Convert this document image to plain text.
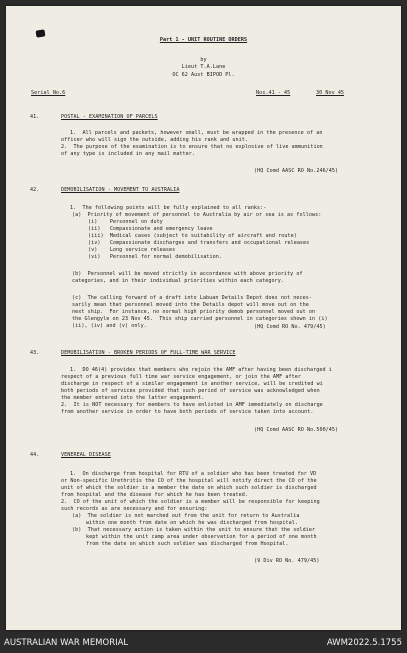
Part 1 - UNIT ROUTINE ORDERS
by
Lieut T.A.Lane
OC 62 Aust BIPOD Pl.
Serial No.6	Nos.41 - 45	30 Nov 45
41.	POSTAL - EXAMINATION OF PARCELS
1.  All parcels and packets, however small, must be wrapped in the presence of an
officer who will sign the outside, adding his rank and unit.
2.  The purpose of the examination is to ensure that no explosive of live ammunition
of any type is included in any mail matter.
(HQ Comd AASC RO No.246/45)
42.	DEMOBILISATION - MOVEMENT TO AUSTRALIA
1.  The following points will be fully explained to all ranks:-
(a)  Priority of movement of personnel to Australia by air or sea is as follows:
(i)    Personnel on duty
(ii)   Compassionate and emergency leave
(iii)  Medical cases (subject to suitability of aircraft and route)
(iv)   Compassionate discharges and transfers and occupational releases
(v)    Long service releases
(vi)   Personnel for normal demobilisation.
(b)  Personnel will be moved strictly in accordance with above priority of
categories, and in their individual priorities within each category.
(c)  The calling forward of a draft into Labuan Details Depot does not neces-
sarily mean that personnel moved into the Details depot will move out on the
next ship.  For instance, no normal high priority demob personnel moved out on
the Glengyle on 23 Nov 45.  This ship carried personnel in categories shown in (i)
(ii), (iv) and (v) only.	(HQ Comd RO No. 479/45)
43.	DEMOBILISATION - BROKEN PERIODS OF FULL-TIME WAR SERVICE
1.  DO 46(4) provides that members who rejoin the AMF after having been discharged i
respect of a previous full time war service engagement, or join the AMF after
discharge in respect of a similar engagement in another service, will be credited wi
both periods of services provided that such period of service was acknowledged when
the member entered into the latter engagement.
2.  It is NOT necessary for members to have enlisted in AMF immediately on discharge
from another service in order to have both periods of service taken into account.
(HQ Comd AASC RO No.500/45)
44.	VENEREAL DISEASE
1.  On discharge from hospital for RTU of a soldier who has been treated for VD
or Non-specific Urethritis the CO of the hospital will notify direct the CO of the
unit of which the soldier is a member the date on which such soldier is discharged
from hospital and the disease for which he has been treated.
2.  CO of the unit of which the soldier is a member will be responsible for keeping
such records as are necessary and for ensuring:
(a)  The soldier is not marched out from the unit for return to Australia
within one month from date on which he was discharged from hospital.
(b)  That necessary action is taken within the unit to ensure that the soldier
kept within the unit camp area under observation for a period of one month
from the date on which such soldier was discharged from Hospital.
(9 Div RO No. 479/45)
AUSTRALIAN WAR MEMORIAL	AWM2022.5.1755
